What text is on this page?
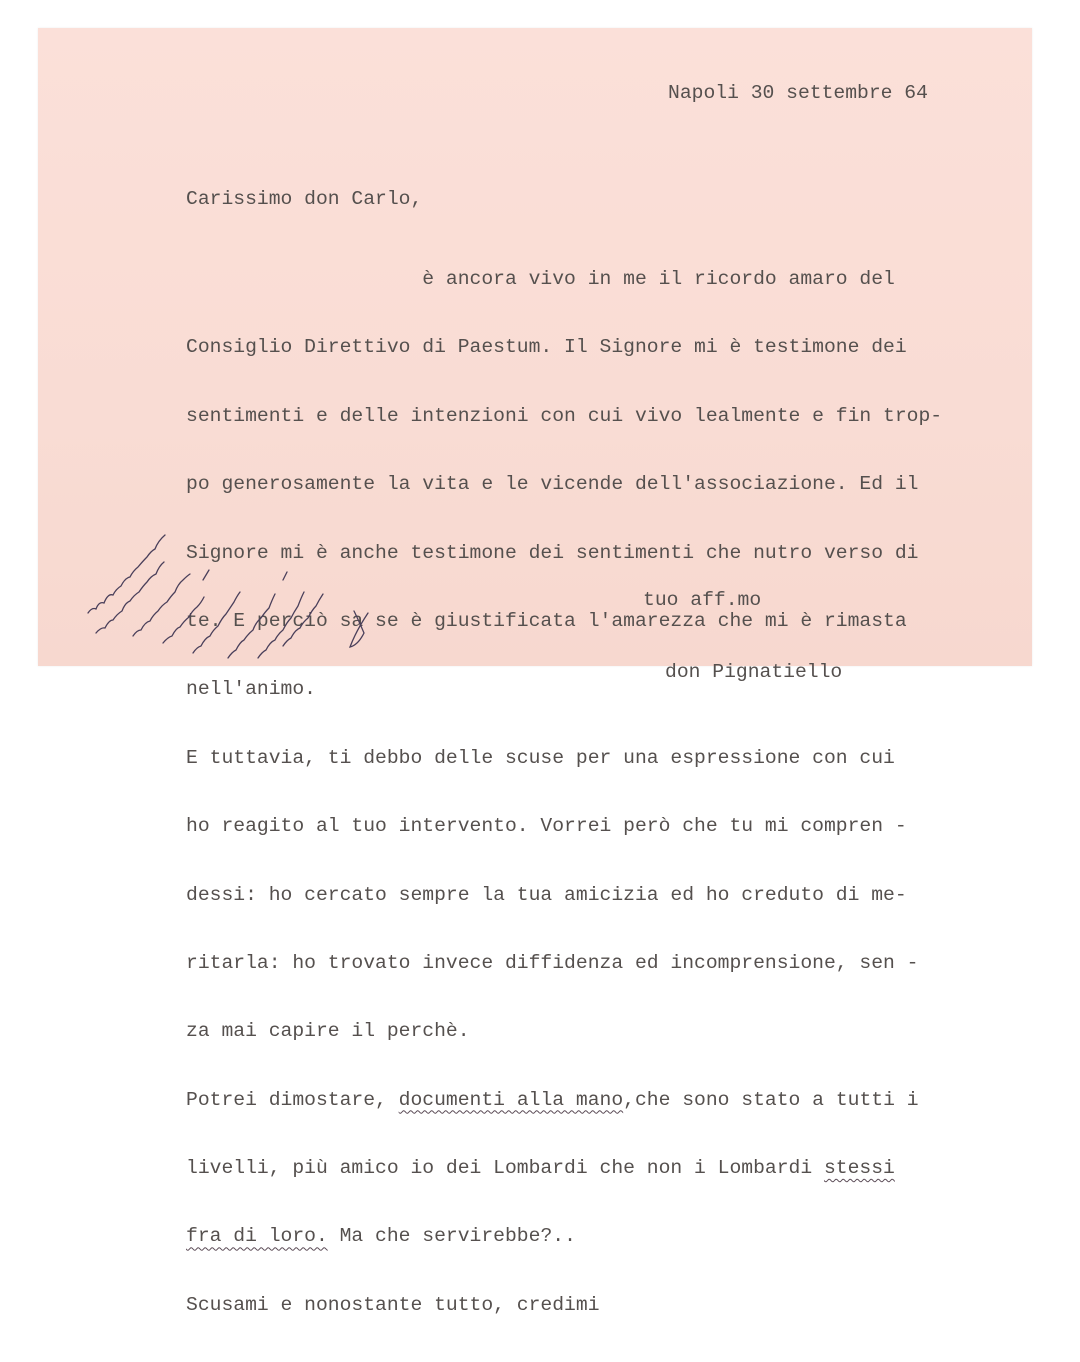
Napoli 30 settembre 64

Carissimo don Carlo,

è ancora vivo in me il ricordo amaro del

Consiglio Direttivo di Paestum. Il Signore mi è testimone dei

sentimenti e delle intenzioni con cui vivo lealmente e fin trop-

po generosamente la vita e le vicende dell'associazione. Ed il

Signore mi è anche testimone dei sentimenti che nutro verso di

te. E perciò sa se è giustificata l'amarezza che mi è rimasta

nell'animo.

E tuttavia, ti debbo delle scuse per una espressione con cui

ho reagito al tuo intervento. Vorrei però che tu mi compren -

dessi: ho cercato sempre la tua amicizia ed ho creduto di me-

ritarla: ho trovato invece diffidenza ed incomprensione, sen -

za mai capire il perchè.

Potrei dimostare, documenti alla mano,che sono stato a tutti i

livelli, più amico io dei Lombardi che non i Lombardi stessi

fra di loro. Ma che servirebbe?..

Scusami e nonostante tutto, credimi

tuo aff.mo

don Pignatiello
